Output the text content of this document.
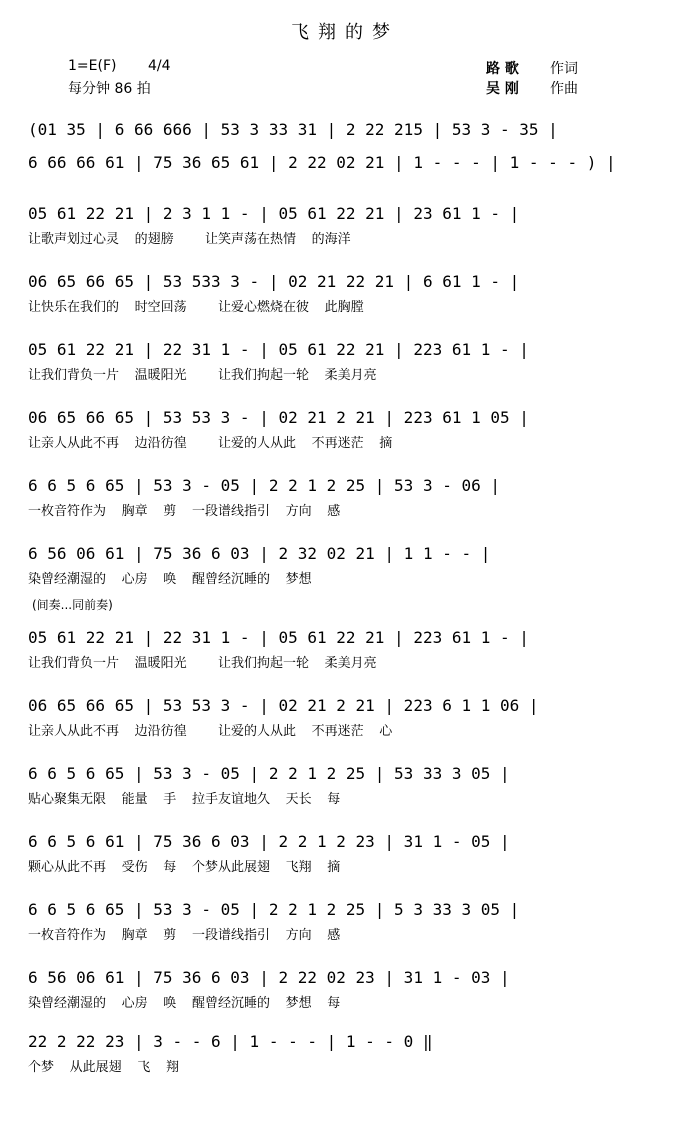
飞翔的梦
1=E(F) 4/4
每分钟 86 拍
路 歌 作词
吴 刚 作曲
(01 35 | 6 66 666 | 53 3 33 31 | 2 22 215 | 53 3 - 35 |
6 66 66 61 | 75 36 65 61 | 2 22 02 21 | 1 - - - | 1 - - - ) |
05 61 22 21 | 2 3 1 1 - | 05 61 22 21 | 23 61 1 - |
让歌声划过心灵  的翅膀    让笑声荡在热情  的海洋
06 65 66 65 | 53 533 3 - | 02 21 22 21 | 6 61 1 - |
让快乐在我们的  时空回荡    让爱心燃烧在彼  此胸膛
05 61 22 21 | 22 31 1 - | 05 61 22 21 | 223 61 1 - |
让我们背负一片  温暖阳光    让我们拘起一轮  柔美月亮
06 65 66 65 | 53 53 3 - | 02 21 2 21 | 223 61 1 05 |
让亲人从此不再  边沿彷徨    让爱的人从此  不再迷茫  摘
6 6 5 6 65 | 53 3 - 05 | 2 2 1 2 25 | 53 3 - 06 |
一枚音符作为  胸章  剪  一段谱线指引  方向  感
6 56 06 61 | 75 36 6 03 | 2 32 02 21 | 1 1 - - |
染曾经潮湿的  心房  唤  醒曾经沉睡的  梦想
(间奏...同前奏)
05 61 22 21 | 22 31 1 - | 05 61 22 21 | 223 61 1 - |
让我们背负一片  温暖阳光    让我们拘起一轮  柔美月亮
06 65 66 65 | 53 53 3 - | 02 21 2 21 | 223 6 1 1 06 |
让亲人从此不再  边沿彷徨    让爱的人从此  不再迷茫  心
6 6 5 6 65 | 53 3 - 05 | 2 2 1 2 25 | 53 33 3 05 |
贴心聚集无限  能量  手  拉手友谊地久  天长  每
6 6 5 6 61 | 75 36 6 03 | 2 2 1 2 23 | 31 1 - 05 |
颗心从此不再  受伤  每  个梦从此展翅  飞翔  摘
6 6 5 6 65 | 53 3 - 05 | 2 2 1 2 25 | 5 3 33 3 05 |
一枚音符作为  胸章  剪  一段谱线指引  方向  感
6 56 06 61 | 75 36 6 03 | 2 22 02 23 | 31 1 - 03 |
染曾经潮湿的  心房  唤  醒曾经沉睡的  梦想  每
22 2 22 23 | 3 - - 6 | 1 - - - | 1 - - 0 ‖
个梦  从此展翅  飞  翔
